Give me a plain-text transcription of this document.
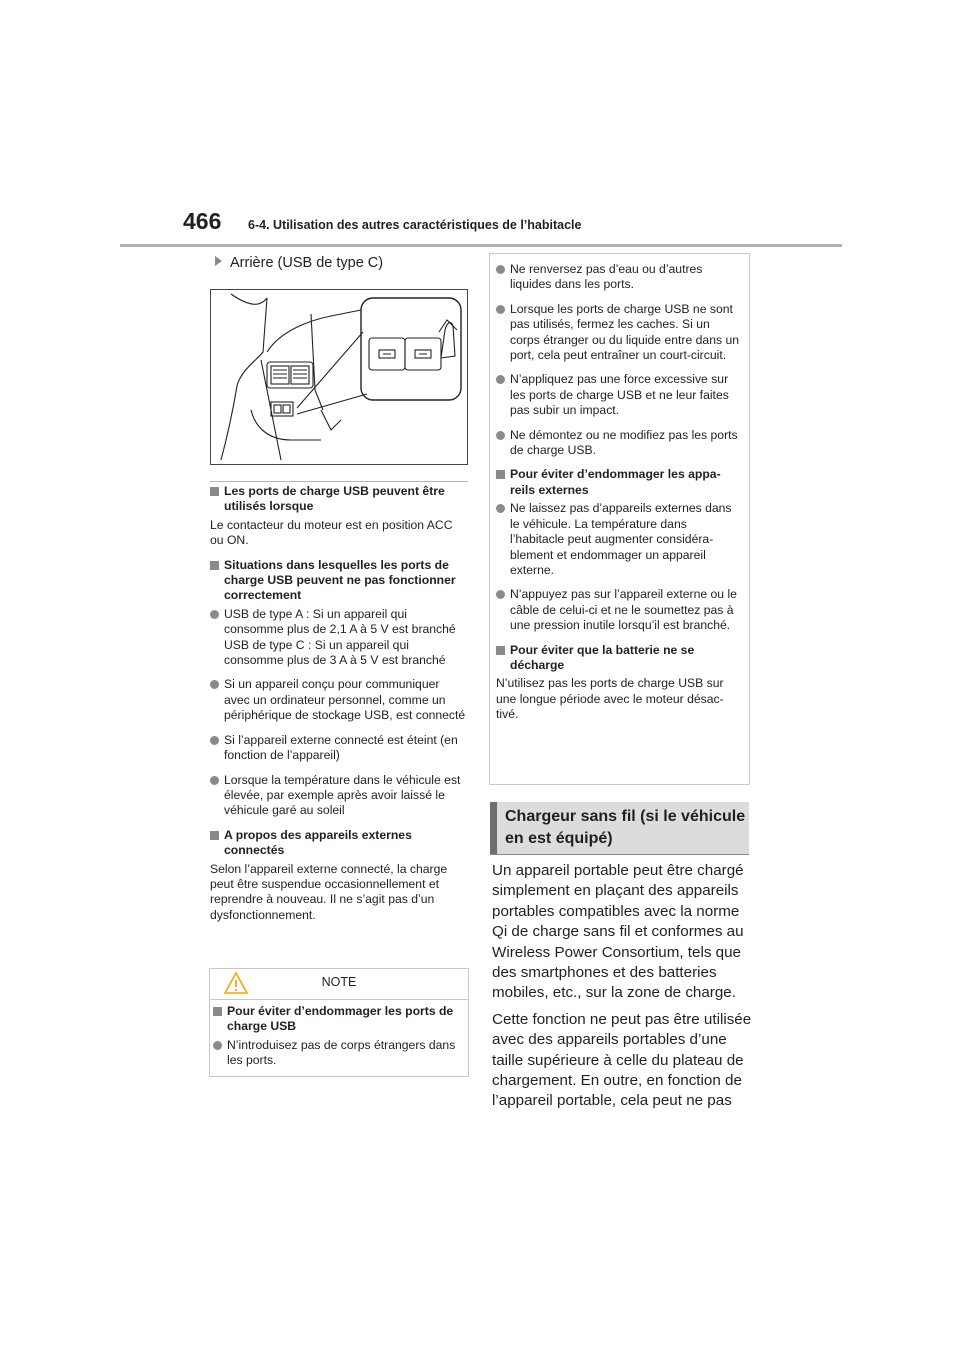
466 6-4. Utilisation des autres caractéristiques de l’habitacle
Arrière (USB de type C)
Les ports de charge USB peuvent être utilisés lorsque

Le contacteur du moteur est en position ACC ou ON.

Situations dans lesquelles les ports de charge USB peuvent ne pas fonctionner correctement
USB de type A : Si un appareil qui consomme plus de 2,1 A à 5 V est branché USB de type C : Si un appareil qui consomme plus de 3 A à 5 V est branché
Si un appareil conçu pour communiquer avec un ordinateur personnel, comme un périphérique de stockage USB, est connecté
Si l’appareil externe connecté est éteint (en fonction de l’appareil)
Lorsque la température dans le véhicule est élevée, par exemple après avoir laissé le véhicule garé au soleil
A propos des appareils externes connectés

Selon l’appareil externe connecté, la charge peut être suspendue occasionnellement et reprendre à nouveau. Il ne s’agit pas d’un dysfonctionnement.

NOTE
Pour éviter d’endommager les ports de charge USB
N’introduisez pas de corps étrangers dans les ports.
Ne renversez pas d’eau ou d’autres liquides dans les ports.
Lorsque les ports de charge USB ne sont pas utilisés, fermez les caches. Si un corps étranger ou du liquide entre dans un port, cela peut entraîner un court-circuit.
N’appliquez pas une force excessive sur les ports de charge USB et ne leur faites pas subir un impact.
Ne démontez ou ne modifiez pas les ports de charge USB.
Pour éviter d’endommager les appa-reils externes
Ne laissez pas d’appareils externes dans le véhicule. La température dans l’habitacle peut augmenter considéra-blement et endommager un appareil externe.
N’appuyez pas sur l’appareil externe ou le câble de celui-ci et ne le soumettez pas à une pression inutile lorsqu’il est branché.
Pour éviter que la batterie ne se décharge

N’utilisez pas les ports de charge USB sur une longue période avec le moteur désac-tivé.

Chargeur sans fil (si le véhicule en est équipé)

Un appareil portable peut être chargé simplement en plaçant des appareils portables compatibles avec la norme Qi de charge sans fil et conformes au Wireless Power Consortium, tels que des smartphones et des batteries mobiles, etc., sur la zone de charge.

Cette fonction ne peut pas être utilisée avec des appareils portables d’une taille supérieure à celle du plateau de chargement. En outre, en fonction de l’appareil portable, cela peut ne pas
